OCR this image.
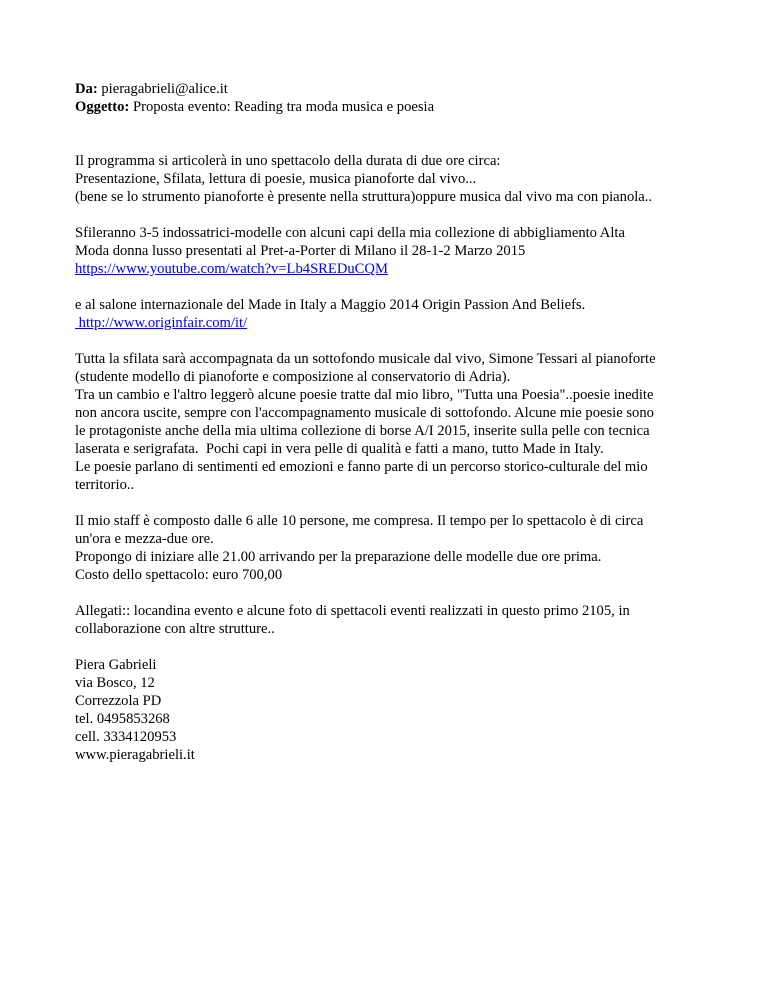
Da: pieragabrieli@alice.it
Oggetto: Proposta evento: Reading tra moda musica e poesia
Il programma si articolerà in uno spettacolo della durata di due ore circa:
Presentazione, Sfilata, lettura di poesie, musica pianoforte dal vivo...
(bene se lo strumento pianoforte è presente nella struttura)oppure musica dal vivo ma con pianola..
Sfileranno 3-5 indossatrici-modelle con alcuni capi della mia collezione di abbigliamento Alta
Moda donna lusso presentati al Pret-a-Porter di Milano il 28-1-2 Marzo 2015
https://www.youtube.com/watch?v=Lb4SREDuCQM
e al salone internazionale del Made in Italy a Maggio 2014 Origin Passion And Beliefs.
http://www.originfair.com/it/
Tutta la sfilata sarà accompagnata da un sottofondo musicale dal vivo, Simone Tessari al pianoforte
(studente modello di pianoforte e composizione al conservatorio di Adria).
Tra un cambio e l'altro leggerò alcune poesie tratte dal mio libro, "Tutta una Poesia"..poesie inedite
non ancora uscite, sempre con l'accompagnamento musicale di sottofondo. Alcune mie poesie sono
le protagoniste anche della mia ultima collezione di borse A/I 2015, inserite sulla pelle con tecnica
laserata e serigrafata.  Pochi capi in vera pelle di qualità e fatti a mano, tutto Made in Italy.
Le poesie parlano di sentimenti ed emozioni e fanno parte di un percorso storico-culturale del mio
territorio..
Il mio staff è composto dalle 6 alle 10 persone, me compresa. Il tempo per lo spettacolo è di circa
un'ora e mezza-due ore.
Propongo di iniziare alle 21.00 arrivando per la preparazione delle modelle due ore prima.
Costo dello spettacolo: euro 700,00
Allegati:: locandina evento e alcune foto di spettacoli eventi realizzati in questo primo 2105, in
collaborazione con altre strutture..
Piera Gabrieli
via Bosco, 12
Correzzola PD
tel. 0495853268
cell. 3334120953
www.pieragabrieli.it
